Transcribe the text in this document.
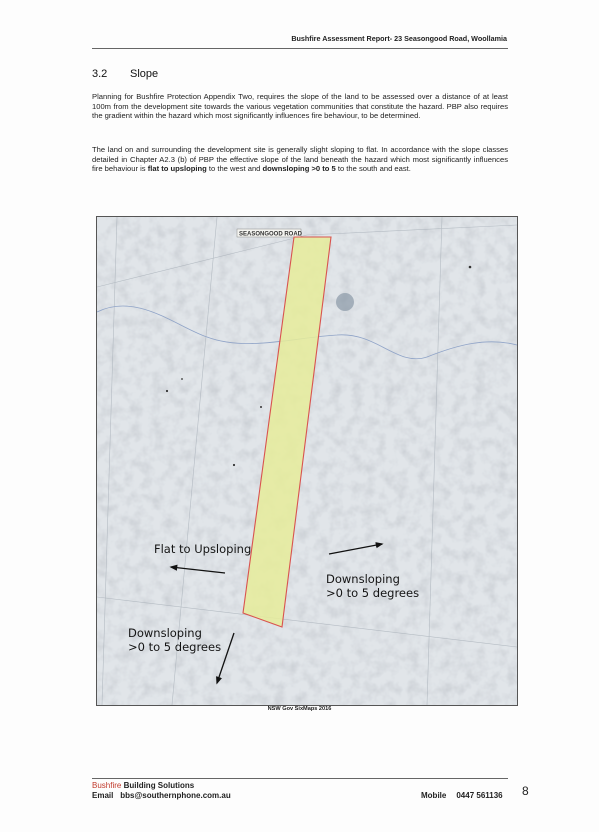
Bushfire Assessment Report- 23 Seasongood Road, Woollamia
3.2 Slope
Planning for Bushfire Protection Appendix Two, requires the slope of the land to be assessed over a distance of at least 100m from the development site towards the various vegetation communities that constitute the hazard. PBP also requires the gradient within the hazard which most significantly influences fire behaviour, to be determined.
The land on and surrounding the development site is generally slight sloping to flat. In accordance with the slope classes detailed in Chapter A2.3 (b) of PBP the effective slope of the land beneath the hazard which most significantly influences fire behaviour is flat to upsloping to the west and downsloping >0 to 5 to the south and east.
SEASONGOOD ROAD
Flat to Upsloping
Downsloping
>0 to 5 degrees
Downsloping
>0 to 5 degrees
NSW Gov SixMaps 2016
Bushfire Building Solutions
Email bbs@southernphone.com.au	Mobile 0447 561136 8
